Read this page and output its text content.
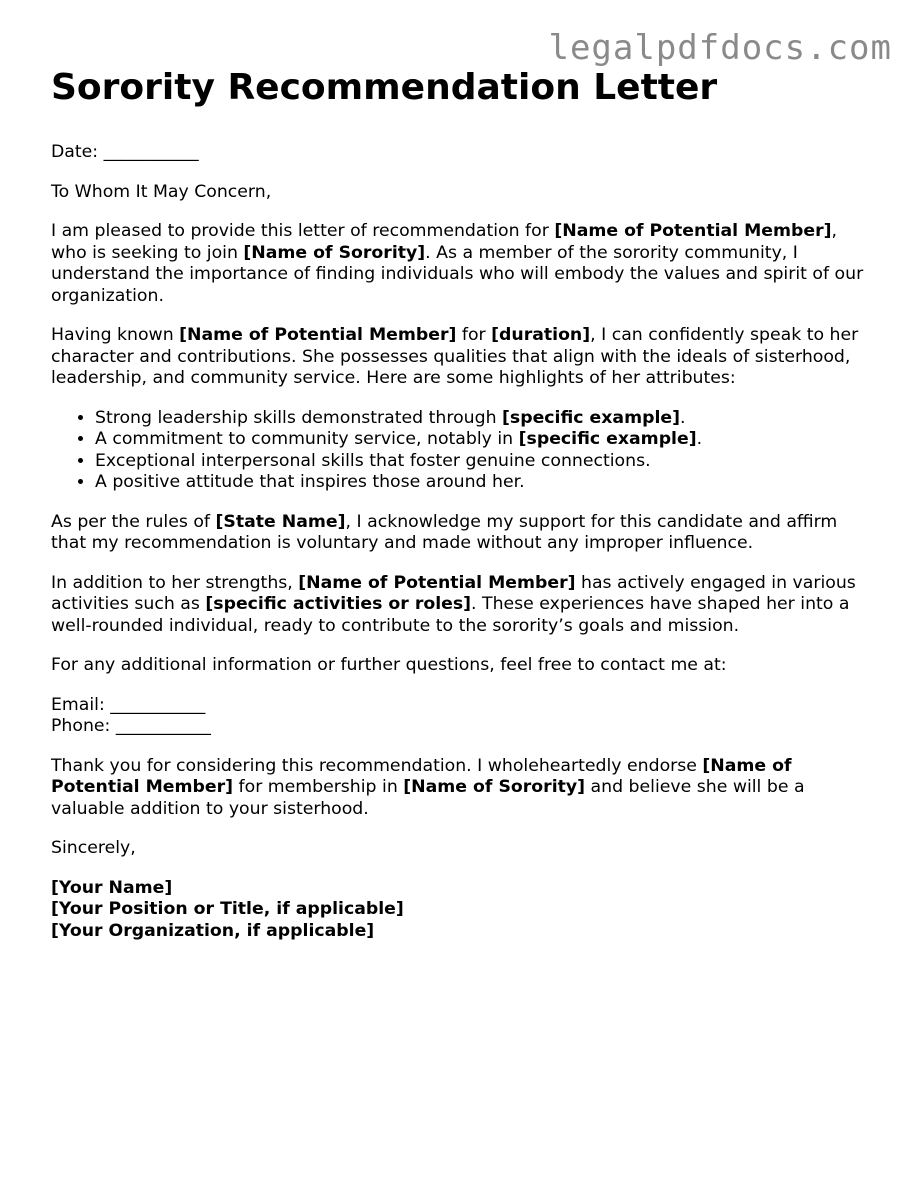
legalpdfdocs.com
Sorority Recommendation Letter

Date: ___________

To Whom It May Concern,

I am pleased to provide this letter of recommendation for [Name of Potential Member], who is seeking to join [Name of Sorority]. As a member of the sorority community, I understand the importance of finding individuals who will embody the values and spirit of our organization.

Having known [Name of Potential Member] for [duration], I can confidently speak to her character and contributions. She possesses qualities that align with the ideals of sisterhood, leadership, and community service. Here are some highlights of her attributes:

• Strong leadership skills demonstrated through [specific example].
• A commitment to community service, notably in [specific example].
• Exceptional interpersonal skills that foster genuine connections.
• A positive attitude that inspires those around her.

As per the rules of [State Name], I acknowledge my support for this candidate and affirm that my recommendation is voluntary and made without any improper influence.

In addition to her strengths, [Name of Potential Member] has actively engaged in various activities such as [specific activities or roles]. These experiences have shaped her into a well-rounded individual, ready to contribute to the sorority’s goals and mission.

For any additional information or further questions, feel free to contact me at:

Email: ___________
Phone: ___________

Thank you for considering this recommendation. I wholeheartedly endorse [Name of Potential Member] for membership in [Name of Sorority] and believe she will be a valuable addition to your sisterhood.

Sincerely,

[Your Name]
[Your Position or Title, if applicable]
[Your Organization, if applicable]
